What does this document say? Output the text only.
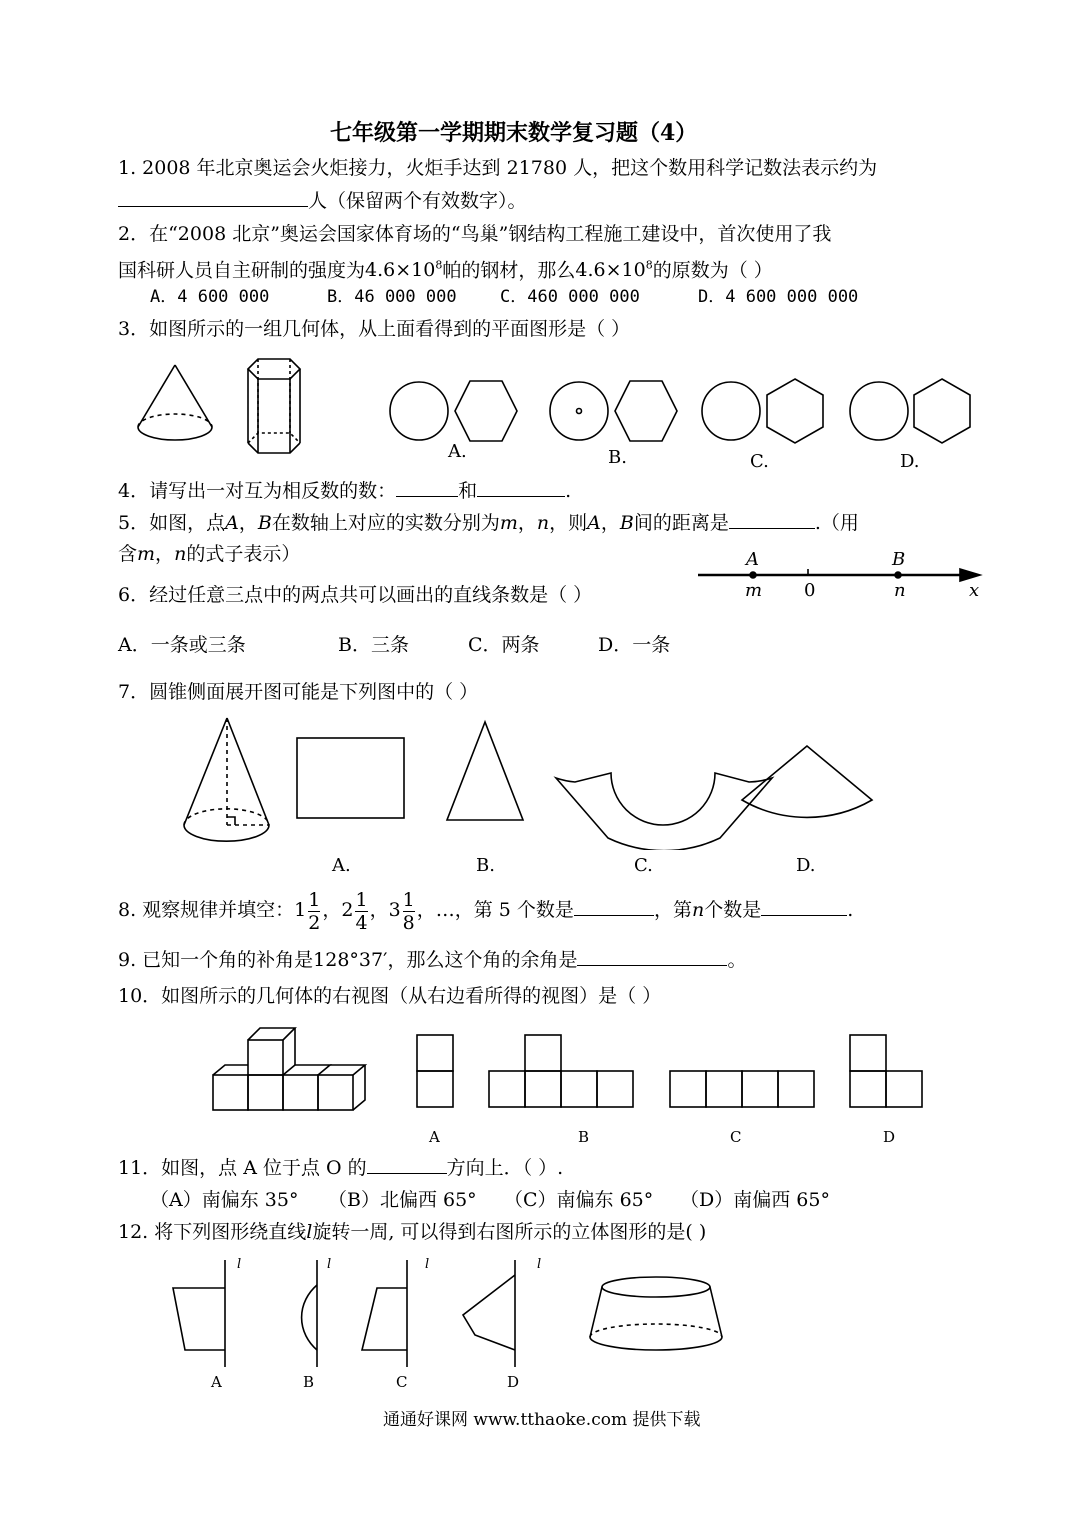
七年级第一学期期末数学复习题（4）
1. 2008 年北京奥运会火炬接力，火炬手达到 21780 人，把这个数用科学记数法表示约为
人（保留两个有效数字）。
2．在“2008 北京”奥运会国家体育场的“鸟巢”钢结构工程施工建设中，首次使用了我
国科研人员自主研制的强度为$4.6\times 10^8$帕的钢材，那么$4.6\times 10^8$的原数为（ ）
A．4 600 000	B．46 000 000	C．460 000 000	D．4 600 000 000
3．如图所示的一组几何体，从上面看得到的平面图形是（ ）
A.	B.	C.	D.
4．请写出一对互为相反数的数：	和	.
5．如图，点A，B在数轴上对应的实数分别为m，n，则A，B间的距离是	.（用
含m，n的式子表示）	A	B
0
m	n	x
6．经过任意三点中的两点共可以画出的直线条数是（ ）
A．一条或三条	B．三条	C．两条	D．一条
7．圆锥侧面展开图可能是下列图中的（ ）
A.	B.	C.	D.
8. 观察规律并填空：$1 \frac{1}{2}$ ，$2 \frac{1}{4}$ ，$3 \frac{1}{8}$ ，…，第 5 个数是	，第n个数是	.
9. 已知一个角的补角是128°37′，那么这个角的余角是	。
10．如图所示的几何体的右视图（从右边看所得的视图）是（ ）
A	B	C	D
11．如图，点 A 位于点 O 的	方向上．（ ）.
（A）南偏东 35° （B）北偏西 65° （C）南偏东 65° （D）南偏西 65°
12. 将下列图形绕直线l旋转一周, 可以得到右图所示的立体图形的是( )
l	l	l	l
A	B	C	D
通通好课网 www.tthaoke.com 提供下载
